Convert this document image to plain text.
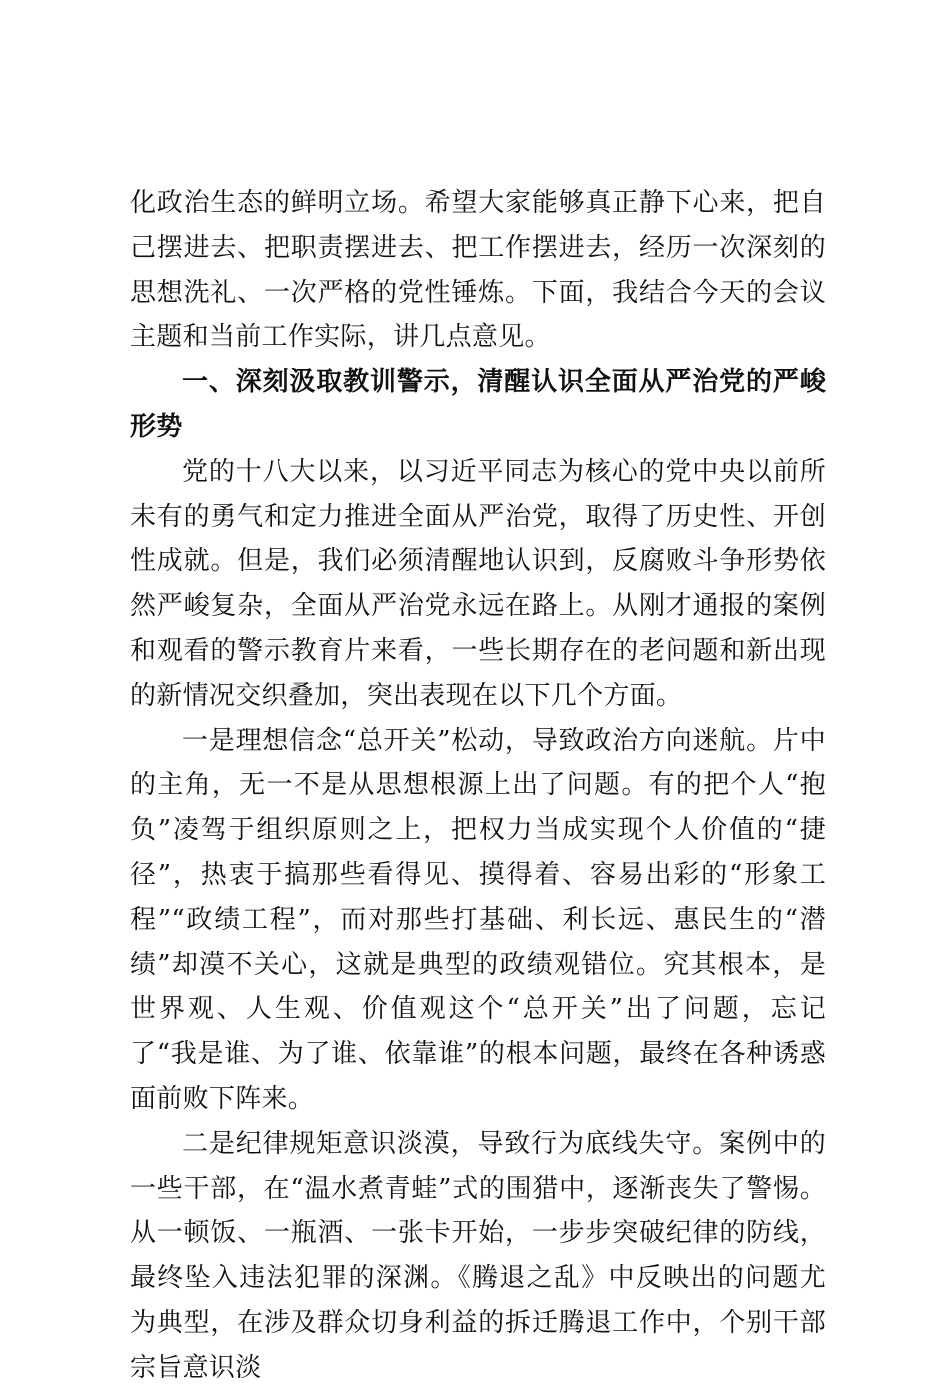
化政治生态的鲜明立场。希望大家能够真正静下心来，把自己摆进去、把职责摆进去、把工作摆进去，经历一次深刻的思想洗礼、一次严格的党性锤炼。下面，我结合今天的会议主题和当前工作实际，讲几点意见。

一、深刻汲取教训警示，清醒认识全面从严治党的严峻形势

党的十八大以来，以习近平同志为核心的党中央以前所未有的勇气和定力推进全面从严治党，取得了历史性、开创性成就。但是，我们必须清醒地认识到，反腐败斗争形势依然严峻复杂，全面从严治党永远在路上。从刚才通报的案例和观看的警示教育片来看，一些长期存在的老问题和新出现的新情况交织叠加，突出表现在以下几个方面。

一是理想信念“总开关”松动，导致政治方向迷航。片中的主角，无一不是从思想根源上出了问题。有的把个人“抱负”凌驾于组织原则之上，把权力当成实现个人价值的“捷径”，热衷于搞那些看得见、摸得着、容易出彩的“形象工程”“政绩工程”，而对那些打基础、利长远、惠民生的“潜绩”却漠不关心，这就是典型的政绩观错位。究其根本，是世界观、人生观、价值观这个“总开关”出了问题，忘记了“我是谁、为了谁、依靠谁”的根本问题，最终在各种诱惑面前败下阵来。

二是纪律规矩意识淡漠，导致行为底线失守。案例中的一些干部，在“温水煮青蛙”式的围猎中，逐渐丧失了警惕。从一顿饭、一瓶酒、一张卡开始，一步步突破纪律的防线，最终坠入违法犯罪的深渊。《腾退之乱》中反映出的问题尤为典型，在涉及群众切身利益的拆迁腾退工作中，个别干部宗旨意识淡
